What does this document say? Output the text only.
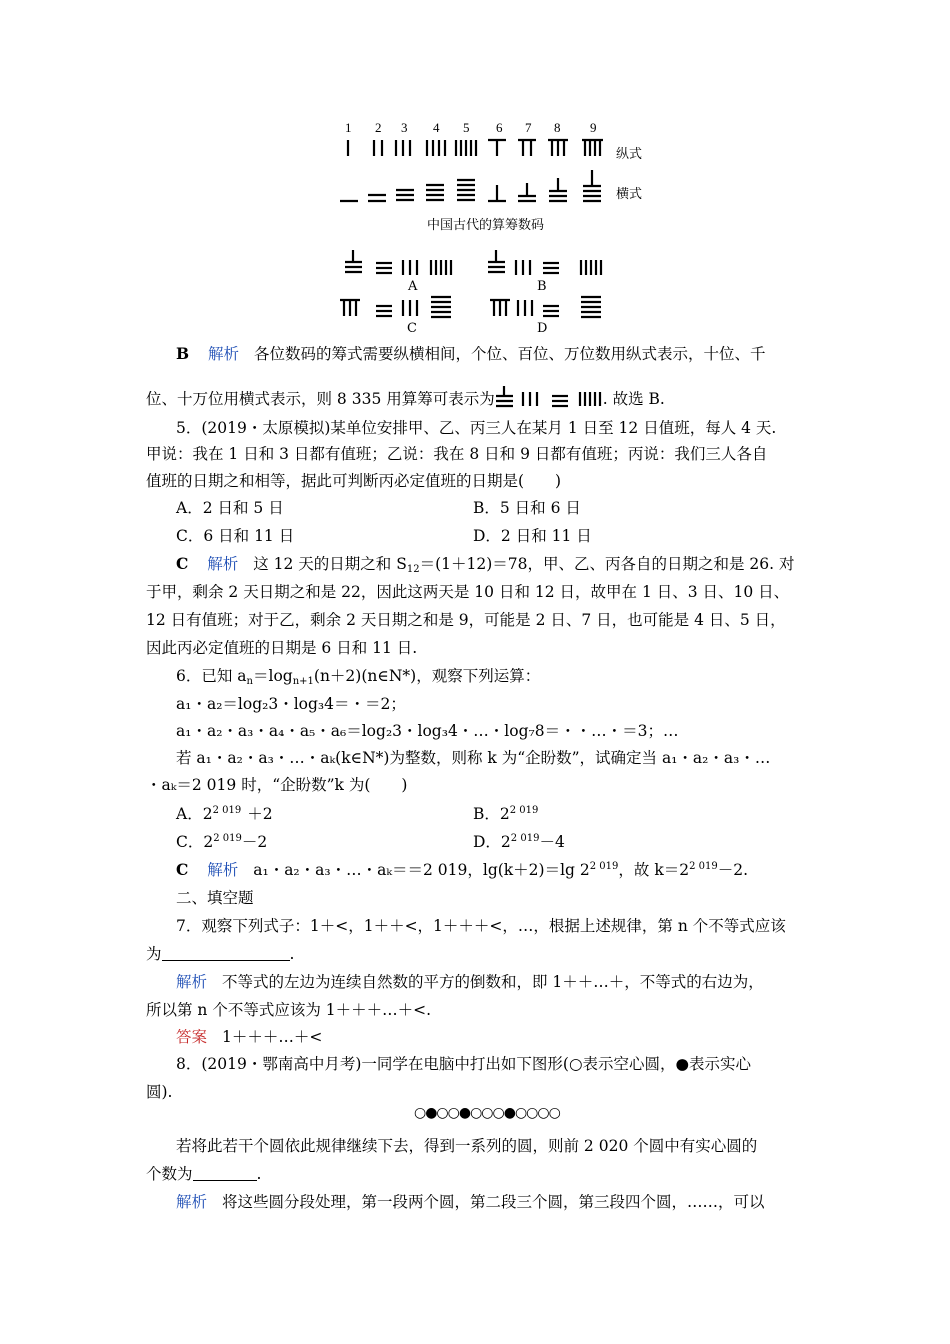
1 2 3 4 5 6 7 8 9
纵式
横式
中国古代的算筹数码
A	B
C	D
B 解析 各位数码的筹式需要纵横相间，个位、百位、万位数用纵式表示，十位、千
位、十万位用横式表示，则 8 335 用算筹可表示为	. 故选 B.
5．(2019・太原模拟)某单位安排甲、乙、丙三人在某月 1 日至 12 日值班，每人 4 天.
甲说：我在 1 日和 3 日都有值班；乙说：我在 8 日和 9 日都有值班；丙说：我们三人各自
值班的日期之和相等，据此可判断丙必定值班的日期是(　　)
A．2 日和 5 日	B．5 日和 6 日
C．6 日和 11 日	D．2 日和 11 日
C 解析 这 12 天的日期之和 $S_{12}=(1+12)=78$，甲、乙、丙各自的日期之和是 26. 对
于甲，剩余 2 天日期之和是 22，因此这两天是 10 日和 12 日，故甲在 1 日、3 日、10 日、
12 日有值班；对于乙，剩余 2 天日期之和是 9，可能是 2 日、7 日，也可能是 4 日、5 日，
因此丙必定值班的日期是 6 日和 11 日.
6．已知 $a_n=\log_{n+1}(n+2)(n\in N*)$，观察下列运算：
a₁・a₂＝log₂3・log₃4＝・＝2；
a₁・a₂・a₃・a₄・a₅・a₆＝log₂3・log₃4・…・log₇8＝・・…・＝3；…
若 a₁・a₂・a₃・…・aₖ(k∈N*)为整数，则称 k 为“企盼数”，试确定当 a₁・a₂・a₃・…
・aₖ＝2 019 时，“企盼数”k 为(　　)
A．$2^{2 019} +2$	B．$2^{2 019}$
C．$2^{2 019}-2$	D．$2^{2 019}-4$
C 解析 a₁・a₂・a₃・…・aₖ＝＝2 019，lg(k＋2)＝lg $2^{2 019}$，故 $k=2^{2 019}-2$.
二、填空题
7．观察下列式子：1＋<，1＋＋<，1＋＋＋<，…，根据上述规律，第 n 个不等式应该
为	.
解析 不等式的左边为连续自然数的平方的倒数和，即 1＋＋…＋，不等式的右边为，
所以第 n 个不等式应该为 1＋＋＋…＋<.
答案 1＋＋＋…＋<
8．(2019・鄂南高中月考)一同学在电脑中打出如下图形(○表示空心圆，●表示实心
圆).
○●○○●○○○●○○○○
若将此若干个圆依此规律继续下去，得到一系列的圆，则前 2 020 个圆中有实心圆的
个数为	.
解析 将这些圆分段处理，第一段两个圆，第二段三个圆，第三段四个圆，……，可以
